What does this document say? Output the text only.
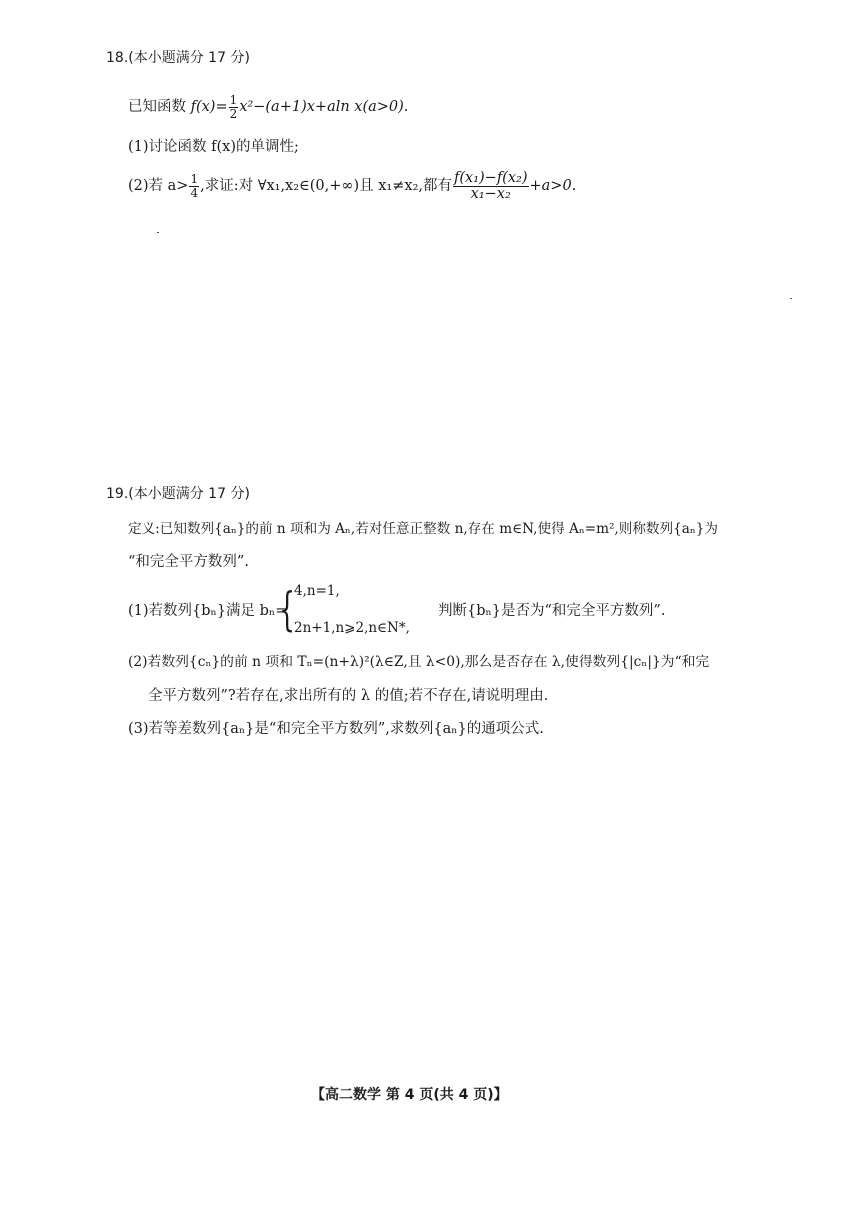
18.(本小题满分 17 分)
已知函数 $f(x)= \frac{1}{2} x^2-(a+1)x+aln$ x(a>0).
(1)讨论函数 f(x)的单调性;
(2)若 $a> \frac{1}{4}$ ,求证:对 ∀x₁,x₂∈(0,+∞)且 x₁≠x₂,都有 $\frac{\text{f(x₁)−f(x₂)}}{\text{x₁−x₂}} +a>0$.
19.(本小题满分 17 分)
定义:已知数列{aₙ}的前 n 项和为 Aₙ,若对任意正整数 n,存在 m∈N,使得 Aₙ=m²,则称数列{aₙ}为
“和完全平方数列”.
(1)若数列{bₙ}满足 bₙ=
{
4,n=1,
2n+1,n⩾2,n∈N*,
判断{bₙ}是否为“和完全平方数列”.
(2)若数列{cₙ}的前 n 项和 Tₙ=(n+λ)²(λ∈Z,且 λ<0),那么是否存在 λ,使得数列{|cₙ|}为“和完
全平方数列”?若存在,求出所有的 λ 的值;若不存在,请说明理由.
(3)若等差数列{aₙ}是“和完全平方数列”,求数列{aₙ}的通项公式.
【高二数学 第 4 页(共 4 页)】
